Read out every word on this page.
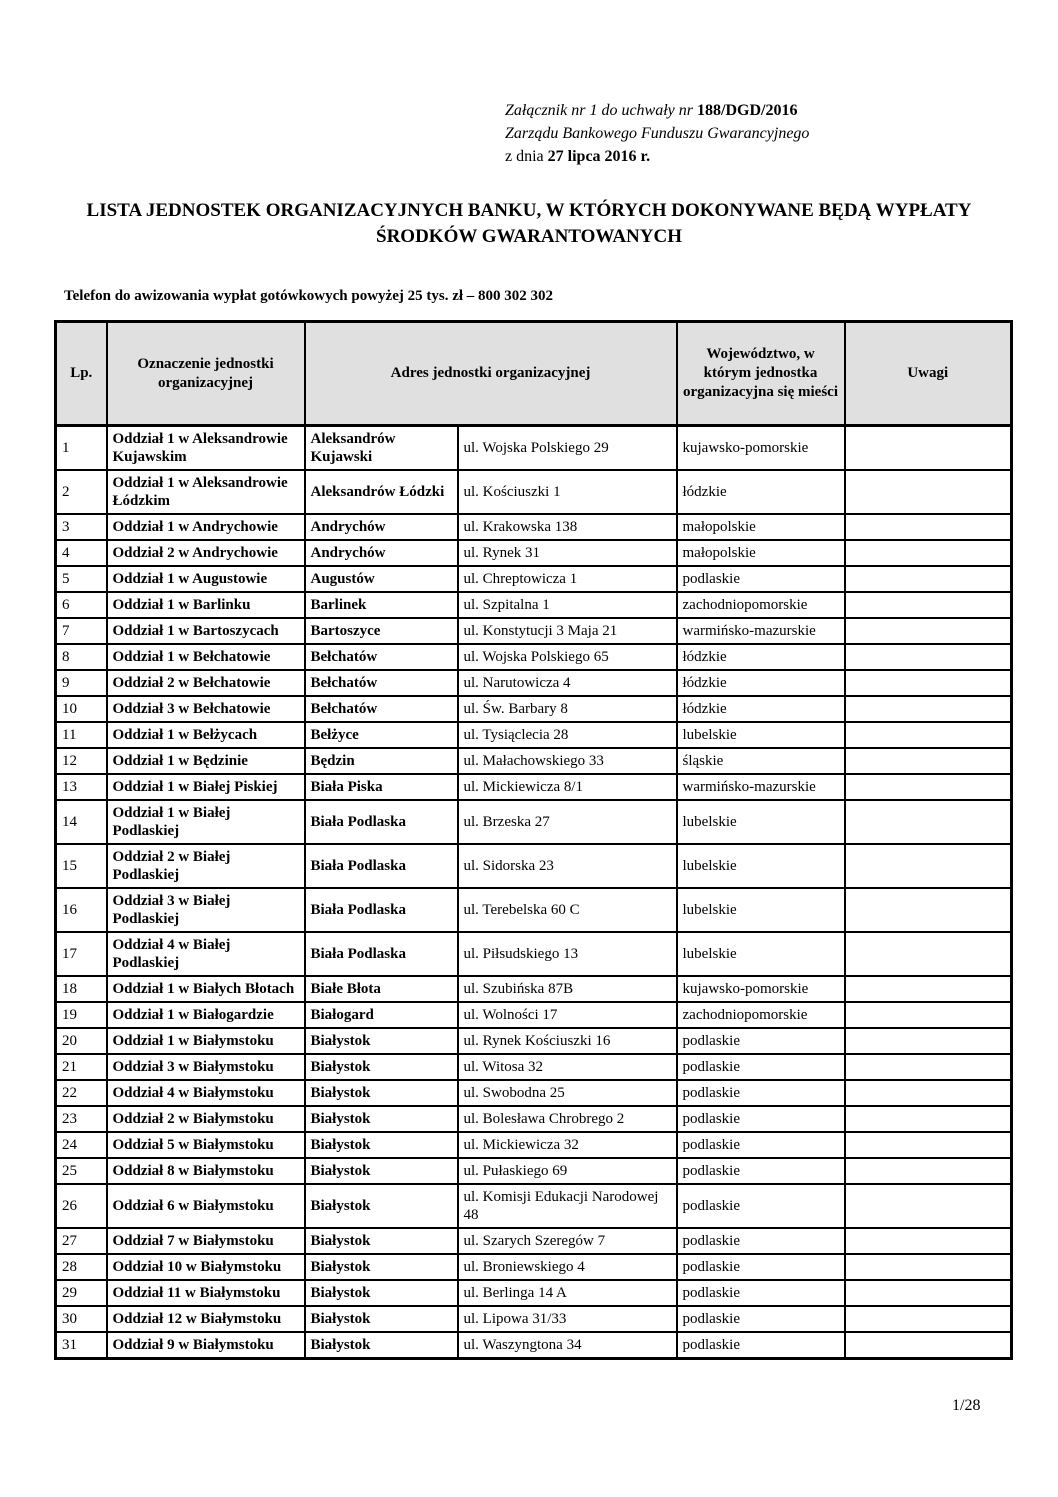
Załącznik nr 1 do uchwały nr 188/DGD/2016
Zarządu Bankowego Funduszu Gwarancyjnego
z dnia 27 lipca 2016 r.
LISTA JEDNOSTEK ORGANIZACYJNYCH BANKU, W KTÓRYCH DOKONYWANE BĘDĄ WYPŁATY
ŚRODKÓW GWARANTOWANYCH
Telefon do awizowania wypłat gotówkowych powyżej 25 tys. zł – 800 302 302
Lp.	Oznaczenie jednostki organizacyjnej	Adres jednostki organizacyjnej		Województwo, w którym jednostka organizacyjna się mieści	Uwagi
1	Oddział 1 w Aleksandrowie Kujawskim	Aleksandrów Kujawski	ul. Wojska Polskiego 29	kujawsko-pomorskie	
2	Oddział 1 w Aleksandrowie Łódzkim	Aleksandrów Łódzki	ul. Kościuszki 1	łódzkie	
3	Oddział 1 w Andrychowie	Andrychów	ul. Krakowska 138	małopolskie	
4	Oddział 2 w Andrychowie	Andrychów	ul. Rynek 31	małopolskie	
5	Oddział 1 w Augustowie	Augustów	ul. Chreptowicza 1	podlaskie	
6	Oddział 1 w Barlinku	Barlinek	ul. Szpitalna 1	zachodniopomorskie	
7	Oddział 1 w Bartoszycach	Bartoszyce	ul. Konstytucji 3 Maja 21	warmińsko-mazurskie	
8	Oddział 1 w Bełchatowie	Bełchatów	ul. Wojska Polskiego 65	łódzkie	
9	Oddział 2 w Bełchatowie	Bełchatów	ul. Narutowicza 4	łódzkie	
10	Oddział 3 w Bełchatowie	Bełchatów	ul. Św. Barbary 8	łódzkie	
11	Oddział 1 w Bełżycach	Bełżyce	ul. Tysiąclecia 28	lubelskie	
12	Oddział 1 w Będzinie	Będzin	ul. Małachowskiego 33	śląskie	
13	Oddział 1 w Białej Piskiej	Biała Piska	ul. Mickiewicza 8/1	warmińsko-mazurskie	
14	Oddział 1 w Białej Podlaskiej	Biała Podlaska	ul. Brzeska 27	lubelskie	
15	Oddział 2 w Białej Podlaskiej	Biała Podlaska	ul. Sidorska 23	lubelskie	
16	Oddział 3 w Białej Podlaskiej	Biała Podlaska	ul. Terebelska 60 C	lubelskie	
17	Oddział 4 w Białej Podlaskiej	Biała Podlaska	ul. Piłsudskiego 13	lubelskie	
18	Oddział 1 w Białych Błotach	Białe Błota	ul. Szubińska 87B	kujawsko-pomorskie	
19	Oddział 1 w Białogardzie	Białogard	ul. Wolności 17	zachodniopomorskie	
20	Oddział 1 w Białymstoku	Białystok	ul. Rynek Kościuszki 16	podlaskie	
21	Oddział 3 w Białymstoku	Białystok	ul. Witosa 32	podlaskie	
22	Oddział 4 w Białymstoku	Białystok	ul. Swobodna 25	podlaskie	
23	Oddział 2 w Białymstoku	Białystok	ul. Bolesława Chrobrego 2	podlaskie	
24	Oddział 5 w Białymstoku	Białystok	ul. Mickiewicza 32	podlaskie	
25	Oddział 8 w Białymstoku	Białystok	ul. Pułaskiego 69	podlaskie	
26	Oddział 6 w Białymstoku	Białystok	ul. Komisji Edukacji Narodowej 48	podlaskie	
27	Oddział 7 w Białymstoku	Białystok	ul. Szarych Szeregów 7	podlaskie	
28	Oddział 10 w Białymstoku	Białystok	ul. Broniewskiego 4	podlaskie	
29	Oddział 11 w Białymstoku	Białystok	ul. Berlinga 14 A	podlaskie	
30	Oddział 12 w Białymstoku	Białystok	ul. Lipowa 31/33	podlaskie	
31	Oddział 9 w Białymstoku	Białystok	ul. Waszyngtona 34	podlaskie	
1/28
